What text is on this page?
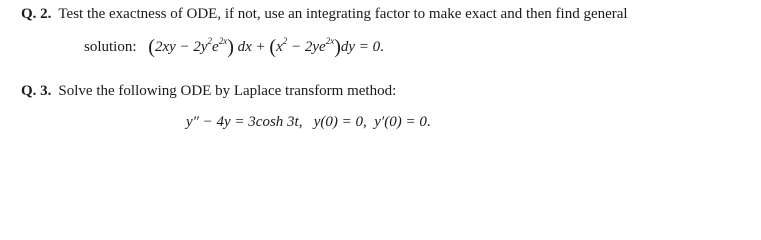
Q. 2. Test the exactness of ODE, if not, use an integrating factor to make exact and then find general
solution: $(2xy - 2y^2e^{2x})$ dx + $(x^2 - 2ye^{2x})dy = 0$.
Q. 3. Solve the following ODE by Laplace transform method:
y″ − 4y = 3cosh 3t, y(0) = 0, y′(0) = 0.
